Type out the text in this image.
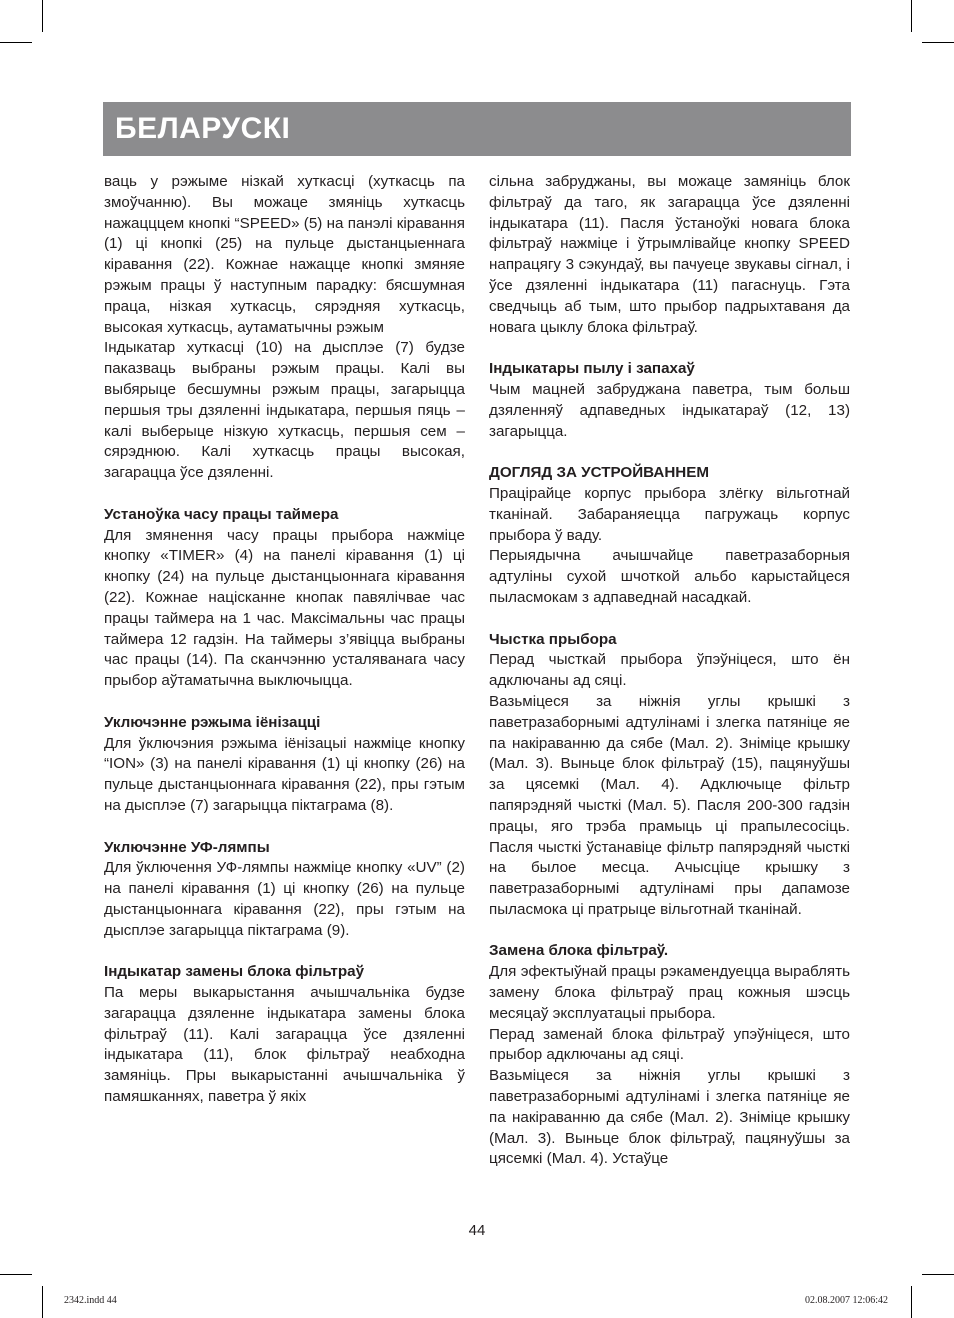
БЕЛАРУСКІ

ваць у рэжыме нізкай хуткасці (хуткасць па змоўчанню). Вы можаце змяніць хуткасць нажацццем кнопкі “SPEED» (5) на панэлі кіравання (1) ці кнопкі (25) на пульце дыстанцыеннага кіравання (22). Кожнае нажацце кнопкі змяняе рэжым працы ў наступным парадку: бясшумная праца, нізкая хуткасць, сярэдняя хуткасць, высокая хуткасць, аутаматычны рэжым

Індыкатар хуткасці (10) на дысплэе (7) будзе паказваць выбраны рэжым працы. Калі вы выбярыце бесшумны рэжым працы, загарыцца першыя тры дзяленні індыкатара, першыя пяць – калі выберыце нізкую хуткасць, першыя сем –сярэднюю. Калі хуткасць працы высокая, загарацца ўсе дзяленні.

Устаноўка часу працы таймера

Для змянення часу працы прыбора нажміце кнопку «TIMER» (4) на панелі кіравання (1) ці кнопку (24) на пульце дыстанцыоннага кіравання (22). Кожнае націсканне кнопак павялічвае час працы таймера на 1 час. Максімальны час працы таймера 12 гадзін. На таймеры з’явіцца выбраны час працы (14). Па сканчэнню усталяванага часу прыбор аўтаматычна выключыцца.

Уключэнне рэжыма іёнізацці

Для ўключэния рэжыма іёнізацыі нажміце кнопку “ION» (3) на панелі кіравання (1) ці кнопку (26) на пульце дыстанцыоннага кіравання (22), пры гэтым на дысплэе (7) загарыцца піктаграма (8).

Уключэнне УФ-лямпы

Для ўключення УФ-лямпы нажміце кнопку «UV” (2) на панелі кіравання (1) ці кнопку (26) на пульце дыстанцыоннага кіравання (22), пры гэтым на дысплэе загарыцца піктаграма (9).

Індыкатар замены блока фільтраў

Па меры выкарыстання ачышчальніка будзе загарацца дзяленне індыкатара замены блока фільтраў (11). Калі загарацца ўсе дзяленні індыкатара (11), блок фільтраў неабходна замяніць. Пры выкарыстанні ачышчальніка ў памяшканнях, паветра ў якіх

сільна забруджаны, вы можаце замяніць блок фільтраў да таго, як загарацца ўсе дзяленні індыкатара (11). Пасля ўстаноўкі новага блока фільтраў нажміце і ўтрымлівайце кнопку SPEED напрацягу 3 сэкундаў, вы пачуеце звукавы сігнал, і ўсе дзяленні індыкатара (11) пагаснуць. Гэта сведчыць аб тым, што прыбор падрыхтаваня да новага цыклу блока фільтраў.

Індыкатары пылу і запахаў

Чым мацней забруджана паветра, тым больш дзяленняў адпаведных індыкатараў (12, 13) загарыцца.

ДОГЛЯД ЗА УСТРОЙВАННЕМ

Працірайце корпус прыбора злёгку вільготнай тканінай. Забараняецца пагружаць корпус прыбора ў ваду.

Перыядычна ачышчайце паветразаборныя адтуліны сухой шчоткой альбо карыстайцеся пыласмокам з адпаведнай насадкай.

Чыстка прыбора

Перад чысткай прыбора ўпэўніцеся, што ён адключаны ад сяці.

Вазьміцеся за ніжнія углы крышкі з паветразаборнымі адтулінамі і злегка патяніце яе па накіраванню да сябе (Мал. 2). Зніміце крышку (Мал. 3). Выньце блок фільтраў (15), пацянуўшы за цясемкі (Мал. 4). Адключыце фільтр папярэдняй чысткі (Мал. 5). Пасля 200-300 гадзін працы, яго трэба прамыць ці прапылесосіць. Пасля чысткі ўстанавіце фільтр папярэдняй чысткі на былое месца. Ачысціце крышку з паветразаборнымі адтулінамі пры дапамозе пыласмока ці пратрыце вільготнай тканінай.

Замена блока фільтраў.

Для эфектыўнай працы рэкамендуецца выраблять замену блока фільтраў прац кожныя шэсць месяцаў эксплуатацыі прыбора.

Перад заменай блока фільтраў упэўніцеся, што прыбор адключаны ад сяці.

Вазьміцеся за ніжнія углы крышкі з паветразаборнымі адтулінамі і злегка патяніце яе па накіраванню да сябе (Мал. 2). Зніміце крышку (Мал. 3). Выньце блок фільтраў, пацянуўшы за цясемкі (Мал. 4). Устаўце

44
2342.indd 44	02.08.2007 12:06:42
